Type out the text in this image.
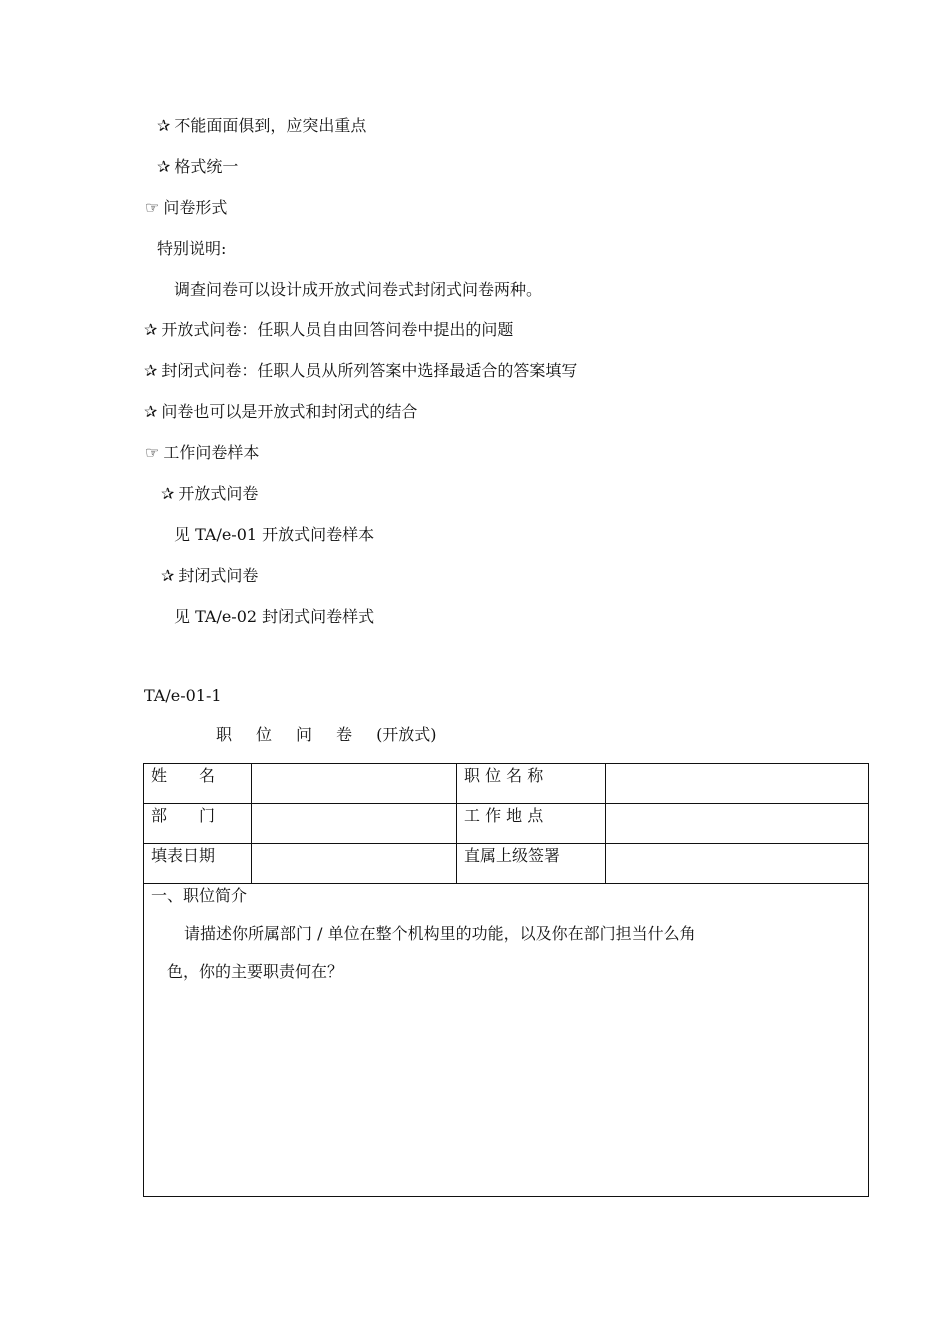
✰ 不能面面俱到，应突出重点
✰ 格式统一
☞ 问卷形式
特别说明:
调查问卷可以设计成开放式问卷式封闭式问卷两种。
✰ 开放式问卷：任职人员自由回答问卷中提出的问题
✰ 封闭式问卷：任职人员从所列答案中选择最适合的答案填写
✰ 问卷也可以是开放式和封闭式的结合
☞ 工作问卷样本
✰ 开放式问卷
见 TA/e-01 开放式问卷样本
✰ 封闭式问卷
见 TA/e-02 封闭式问卷样式
TA/e-01-1
职 位 问 卷 (开放式)
姓　　名		职 位 名 称	
部　　门		工 作 地 点	
填表日期		直属上级签署	

一、职位简介
请描述你所属部门 / 单位在整个机构里的功能，以及你在部门担当什么角
色，你的主要职责何在？			
